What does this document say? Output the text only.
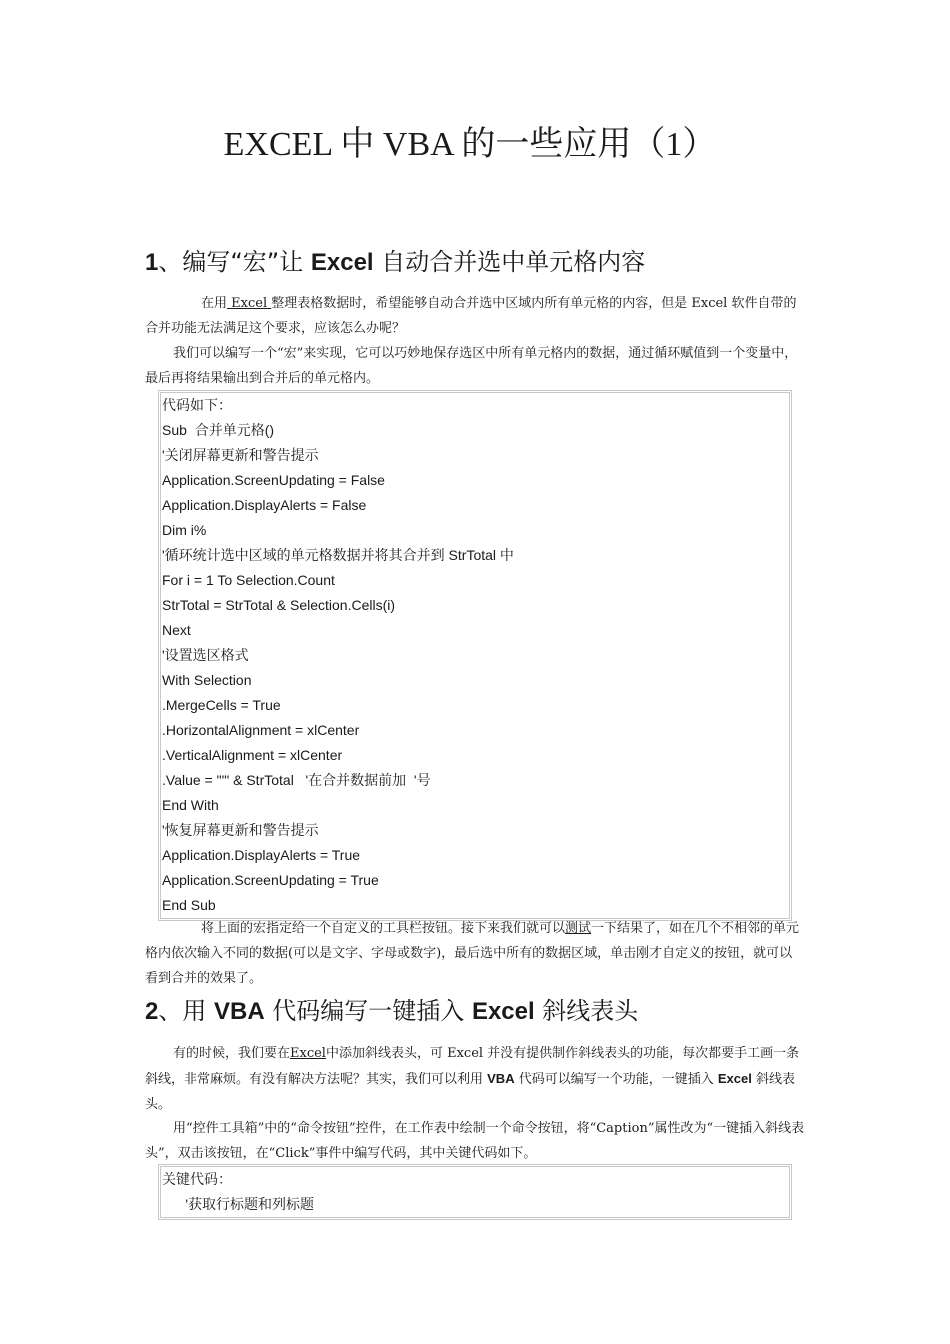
EXCEL 中 VBA 的一些应用（1）
1、编写“宏”让 Excel 自动合并选中单元格内容
在用 Excel 整理表格数据时，希望能够自动合并选中区域内所有单元格的内容，但是 Excel 软件自带的合并功能无法满足这个要求，应该怎么办呢？
我们可以编写一个“宏”来实现，它可以巧妙地保存选区中所有单元格内的数据，通过循环赋值到一个变量中，最后再将结果输出到合并后的单元格内。
代码如下：
Sub  合并单元格()
'关闭屏幕更新和警告提示
Application.ScreenUpdating = False
Application.DisplayAlerts = False
Dim i%
'循环统计选中区域的单元格数据并将其合并到 StrTotal 中
For i = 1 To Selection.Count
StrTotal = StrTotal & Selection.Cells(i)
Next
'设置选区格式
With Selection
.MergeCells = True
.HorizontalAlignment = xlCenter
.VerticalAlignment = xlCenter
.Value = "'" & StrTotal   '在合并数据前加  '号
End With
'恢复屏幕更新和警告提示
Application.DisplayAlerts = True
Application.ScreenUpdating = True
End Sub
将上面的宏指定给一个自定义的工具栏按钮。接下来我们就可以测试一下结果了，如在几个不相邻的单元格内依次输入不同的数据(可以是文字、字母或数字)，最后选中所有的数据区域，单击刚才自定义的按钮，就可以看到合并的效果了。
2、用 VBA 代码编写一键插入 Excel 斜线表头
有的时候，我们要在Excel中添加斜线表头，可 Excel 并没有提供制作斜线表头的功能，每次都要手工画一条斜线，非常麻烦。有没有解决方法呢？其实，我们可以利用 VBA 代码可以编写一个功能，一键插入 Excel 斜线表头。
用“控件工具箱”中的“命令按钮”控件，在工作表中绘制一个命令按钮，将“Caption”属性改为“一键插入斜线表头”，双击该按钮，在“Click”事件中编写代码，其中关键代码如下。
关键代码：
'获取行标题和列标题
